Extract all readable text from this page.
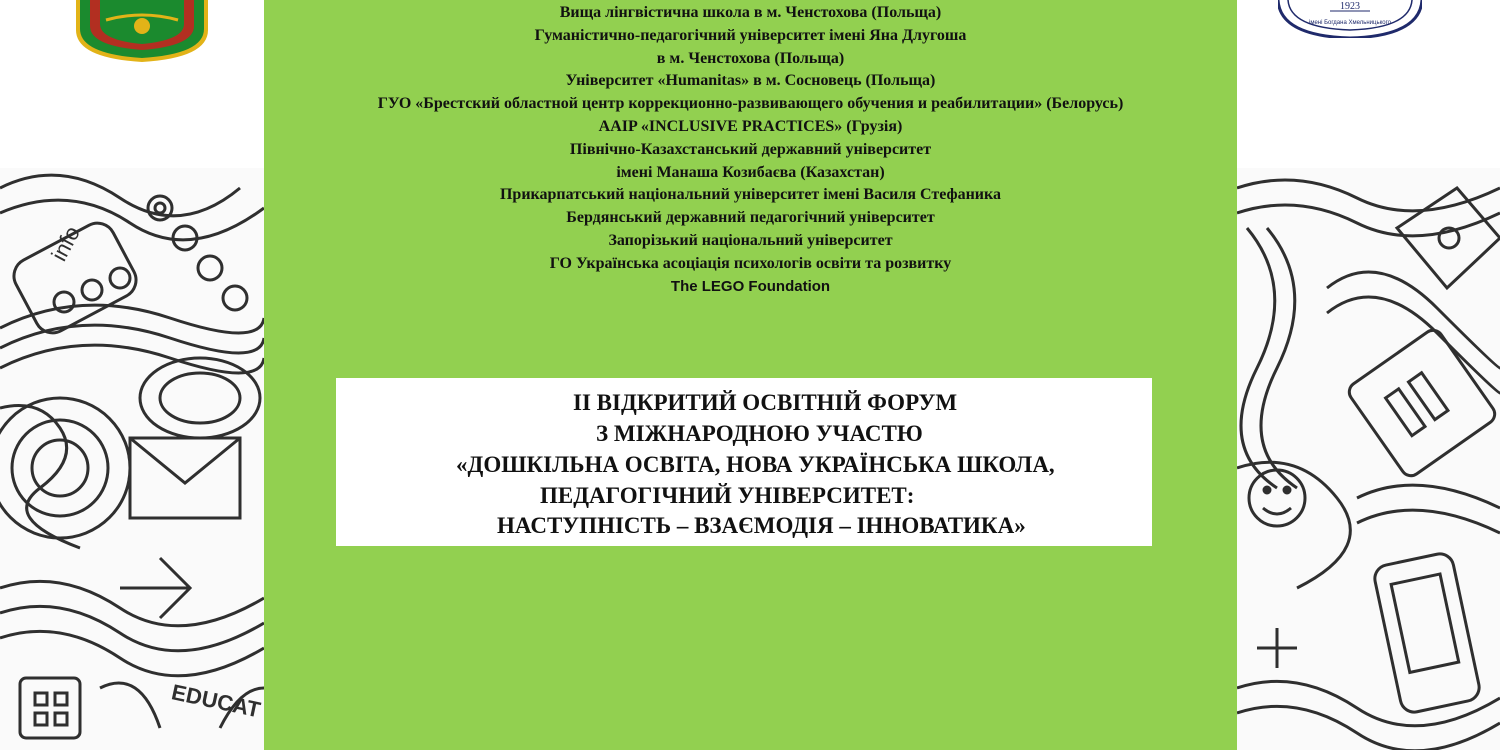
info
EDUCAT
1923
імені Богдана Хмельницького
Вища лінгвістична школа в м. Ченстохова (Польща)
Гуманістично-педагогічний університет імені Яна Длугоша
в м. Ченстохова (Польща)
Університет «Humanitas» в м. Сосновець (Польща)
ГУО «Брестский областной центр коррекционно-развивающего обучения и реабилитации» (Белорусь)
AAIP «INCLUSIVE PRACTICES» (Грузія)
Північно-Казахстанський державний університет
імені Манаша Козибаєва (Казахстан)
Прикарпатський національний університет імені Василя Стефаника
Бердянський державний педагогічний університет
Запорізький національний університет
ГО Українська асоціація психологів освіти та розвитку
The LEGO Foundation
ІІ ВІДКРИТИЙ ОСВІТНІЙ ФОРУМ
З МІЖНАРОДНОЮ УЧАСТЮ
«ДОШКІЛЬНА ОСВІТА, НОВА УКРАЇНСЬКА ШКОЛА,
ПЕДАГОГІЧНИЙ УНІВЕРСИТЕТ:
НАСТУПНІСТЬ – ВЗАЄМОДІЯ – ІННОВАТИКА»
